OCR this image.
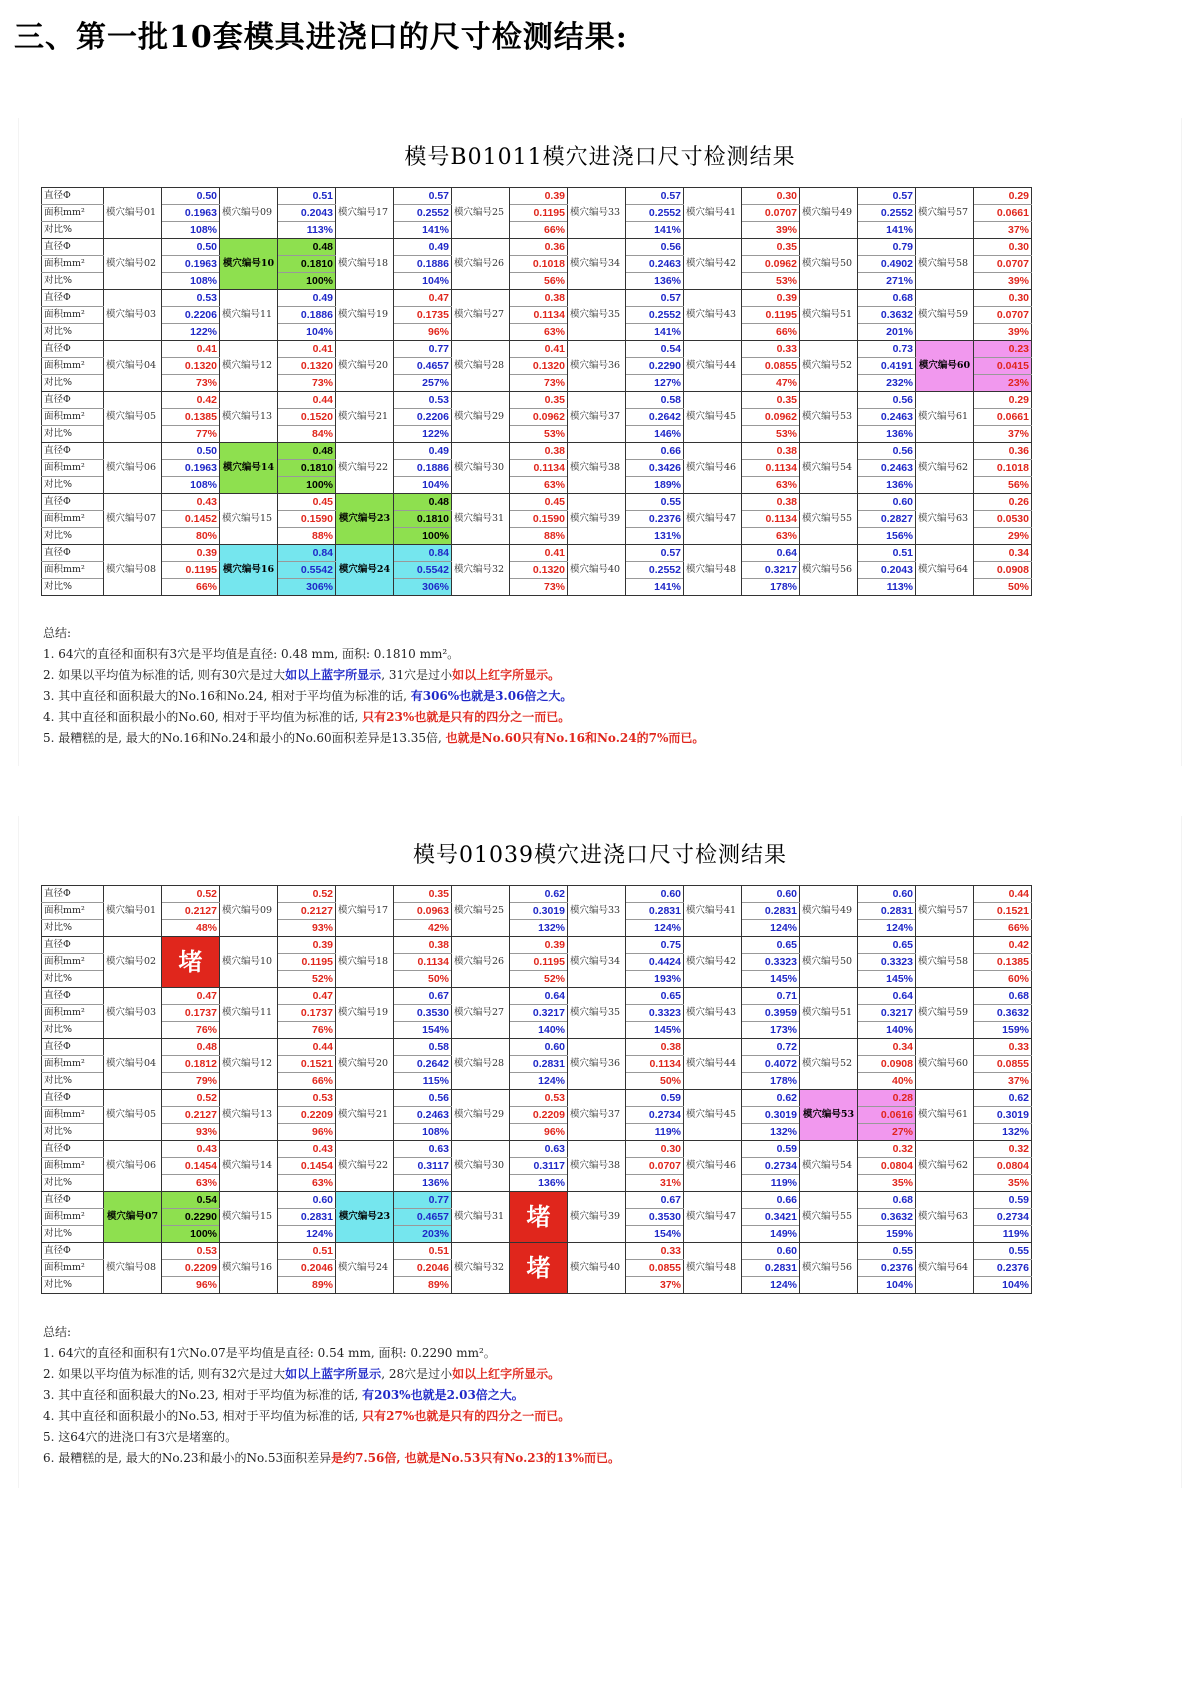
三、第一批10套模具进浇口的尺寸检测结果:
模号B01011模穴进浇口尺寸检测结果
直径Φ	模穴编号01	0.50	模穴编号09	0.51	模穴编号17	0.57	模穴编号25	0.39	模穴编号33	0.57	模穴编号41	0.30	模穴编号49	0.57	模穴编号57	0.29
面积mm²		0.1963		0.2043		0.2552		0.1195		0.2552		0.0707		0.2552		0.0661
对比%		108%		113%		141%		66%		141%		39%		141%		37%
直径Φ	模穴编号02	0.50	模穴编号10	0.48	模穴编号18	0.49	模穴编号26	0.36	模穴编号34	0.56	模穴编号42	0.35	模穴编号50	0.79	模穴编号58	0.30
面积mm²		0.1963		0.1810		0.1886		0.1018		0.2463		0.0962		0.4902		0.0707
对比%		108%		100%		104%		56%		136%		53%		271%		39%
直径Φ	模穴编号03	0.53	模穴编号11	0.49	模穴编号19	0.47	模穴编号27	0.38	模穴编号35	0.57	模穴编号43	0.39	模穴编号51	0.68	模穴编号59	0.30
面积mm²		0.2206		0.1886		0.1735		0.1134		0.2552		0.1195		0.3632		0.0707
对比%		122%		104%		96%		63%		141%		66%		201%		39%
直径Φ	模穴编号04	0.41	模穴编号12	0.41	模穴编号20	0.77	模穴编号28	0.41	模穴编号36	0.54	模穴编号44	0.33	模穴编号52	0.73	模穴编号60	0.23
面积mm²		0.1320		0.1320		0.4657		0.1320		0.2290		0.0855		0.4191		0.0415
对比%		73%		73%		257%		73%		127%		47%		232%		23%
直径Φ	模穴编号05	0.42	模穴编号13	0.44	模穴编号21	0.53	模穴编号29	0.35	模穴编号37	0.58	模穴编号45	0.35	模穴编号53	0.56	模穴编号61	0.29
面积mm²		0.1385		0.1520		0.2206		0.0962		0.2642		0.0962		0.2463		0.0661
对比%		77%		84%		122%		53%		146%		53%		136%		37%
直径Φ	模穴编号06	0.50	模穴编号14	0.48	模穴编号22	0.49	模穴编号30	0.38	模穴编号38	0.66	模穴编号46	0.38	模穴编号54	0.56	模穴编号62	0.36
面积mm²		0.1963		0.1810		0.1886		0.1134		0.3426		0.1134		0.2463		0.1018
对比%		108%		100%		104%		63%		189%		63%		136%		56%
直径Φ	模穴编号07	0.43	模穴编号15	0.45	模穴编号23	0.48	模穴编号31	0.45	模穴编号39	0.55	模穴编号47	0.38	模穴编号55	0.60	模穴编号63	0.26
面积mm²		0.1452		0.1590		0.1810		0.1590		0.2376		0.1134		0.2827		0.0530
对比%		80%		88%		100%		88%		131%		63%		156%		29%
直径Φ	模穴编号08	0.39	模穴编号16	0.84	模穴编号24	0.84	模穴编号32	0.41	模穴编号40	0.57	模穴编号48	0.64	模穴编号56	0.51	模穴编号64	0.34
面积mm²		0.1195		0.5542		0.5542		0.1320		0.2552		0.3217		0.2043		0.0908
对比%		66%		306%		306%		73%		141%		178%		113%		50%
总结:
1. 64穴的直径和面积有3穴是平均值是直径: 0.48 mm, 面积: 0.1810 mm²。
2. 如果以平均值为标准的话, 则有30穴是过大如以上蓝字所显示, 31穴是过小如以上红字所显示。
3. 其中直径和面积最大的No.16和No.24, 相对于平均值为标准的话, 有306%也就是3.06倍之大。
4. 其中直径和面积最小的No.60, 相对于平均值为标准的话, 只有23%也就是只有的四分之一而已。
5. 最糟糕的是, 最大的No.16和No.24和最小的No.60面积差异是13.35倍, 也就是No.60只有No.16和No.24的7%而已。
模号01039模穴进浇口尺寸检测结果
直径Φ	模穴编号01	0.52	模穴编号09	0.52	模穴编号17	0.35	模穴编号25	0.62	模穴编号33	0.60	模穴编号41	0.60	模穴编号49	0.60	模穴编号57	0.44
面积mm²		0.2127		0.2127		0.0963		0.3019		0.2831		0.2831		0.2831		0.1521
对比%		48%		93%		42%		132%		124%		124%		124%		66%
直径Φ	模穴编号02	堵	模穴编号10	0.39	模穴编号18	0.38	模穴编号26	0.39	模穴编号34	0.75	模穴编号42	0.65	模穴编号50	0.65	模穴编号58	0.42
面积mm²				0.1195		0.1134		0.1195		0.4424		0.3323		0.3323		0.1385
对比%				52%		50%		52%		193%		145%		145%		60%
直径Φ	模穴编号03	0.47	模穴编号11	0.47	模穴编号19	0.67	模穴编号27	0.64	模穴编号35	0.65	模穴编号43	0.71	模穴编号51	0.64	模穴编号59	0.68
面积mm²		0.1737		0.1737		0.3530		0.3217		0.3323		0.3959		0.3217		0.3632
对比%		76%		76%		154%		140%		145%		173%		140%		159%
直径Φ	模穴编号04	0.48	模穴编号12	0.44	模穴编号20	0.58	模穴编号28	0.60	模穴编号36	0.38	模穴编号44	0.72	模穴编号52	0.34	模穴编号60	0.33
面积mm²		0.1812		0.1521		0.2642		0.2831		0.1134		0.4072		0.0908		0.0855
对比%		79%		66%		115%		124%		50%		178%		40%		37%
直径Φ	模穴编号05	0.52	模穴编号13	0.53	模穴编号21	0.56	模穴编号29	0.53	模穴编号37	0.59	模穴编号45	0.62	模穴编号53	0.28	模穴编号61	0.62
面积mm²		0.2127		0.2209		0.2463		0.2209		0.2734		0.3019		0.0616		0.3019
对比%		93%		96%		108%		96%		119%		132%		27%		132%
直径Φ	模穴编号06	0.43	模穴编号14	0.43	模穴编号22	0.63	模穴编号30	0.63	模穴编号38	0.30	模穴编号46	0.59	模穴编号54	0.32	模穴编号62	0.32
面积mm²		0.1454		0.1454		0.3117		0.3117		0.0707		0.2734		0.0804		0.0804
对比%		63%		63%		136%		136%		31%		119%		35%		35%
直径Φ	模穴编号07	0.54	模穴编号15	0.60	模穴编号23	0.77	模穴编号31	堵	模穴编号39	0.67	模穴编号47	0.66	模穴编号55	0.68	模穴编号63	0.59
面积mm²		0.2290		0.2831		0.4657				0.3530		0.3421		0.3632		0.2734
对比%		100%		124%		203%				154%		149%		159%		119%
直径Φ	模穴编号08	0.53	模穴编号16	0.51	模穴编号24	0.51	模穴编号32	堵	模穴编号40	0.33	模穴编号48	0.60	模穴编号56	0.55	模穴编号64	0.55
面积mm²		0.2209		0.2046		0.2046				0.0855		0.2831		0.2376		0.2376
对比%		96%		89%		89%				37%		124%		104%		104%
总结:
1. 64穴的直径和面积有1穴No.07是平均值是直径: 0.54 mm, 面积: 0.2290 mm²。
2. 如果以平均值为标准的话, 则有32穴是过大如以上蓝字所显示, 28穴是过小如以上红字所显示。
3. 其中直径和面积最大的No.23, 相对于平均值为标准的话, 有203%也就是2.03倍之大。
4. 其中直径和面积最小的No.53, 相对于平均值为标准的话, 只有27%也就是只有的四分之一而已。
5. 这64穴的进浇口有3穴是堵塞的。
6. 最糟糕的是, 最大的No.23和最小的No.53面积差异是约7.56倍, 也就是No.53只有No.23的13%而已。
